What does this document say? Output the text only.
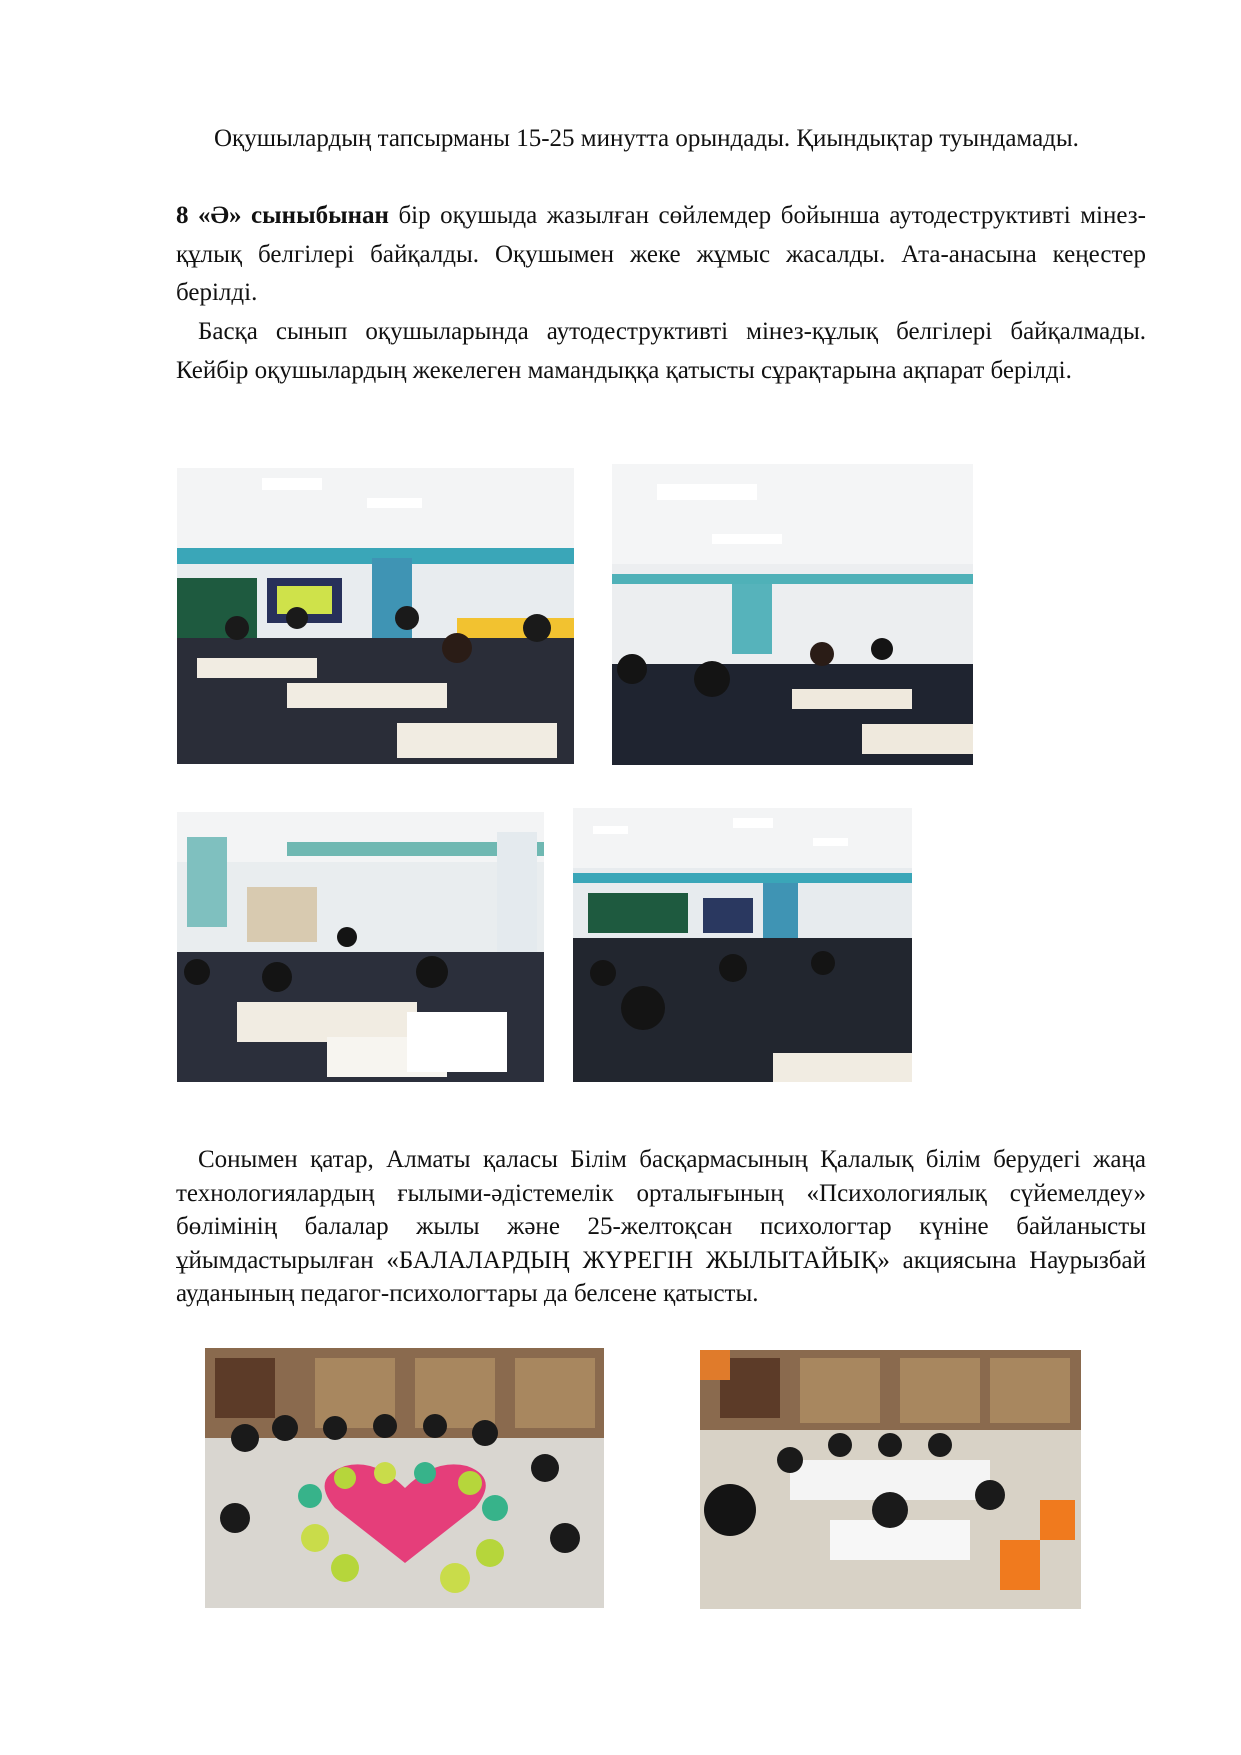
Оқушылардың тапсырманы 15-25 минутта орындады. Қиындықтар туындамады.

8 «Ә» сыныбынан бір оқушыда жазылған сөйлемдер бойынша аутодеструктивті мінез-құлық белгілері байқалды. Оқушымен жеке жұмыс жасалды. Ата-анасына кеңестер берілді.

Басқа сынып оқушыларында аутодеструктивті мінез-құлық белгілері байқалмады. Кейбір оқушылардың жекелеген мамандыққа қатысты сұрақтарына ақпарат берілді.

Сонымен қатар, Алматы қаласы Білім басқармасының Қалалық білім берудегі жаңа технологиялардың ғылыми-әдістемелік орталығының «Психологиялық сүйемелдеу» бөлімінің балалар жылы және 25-желтоқсан психологтар күніне байланысты ұйымдастырылған «БАЛАЛАРДЫҢ ЖҮРЕГІН ЖЫЛЫТАЙЫҚ» акциясына Наурызбай ауданының педагог-психологтары да белсене қатысты.
